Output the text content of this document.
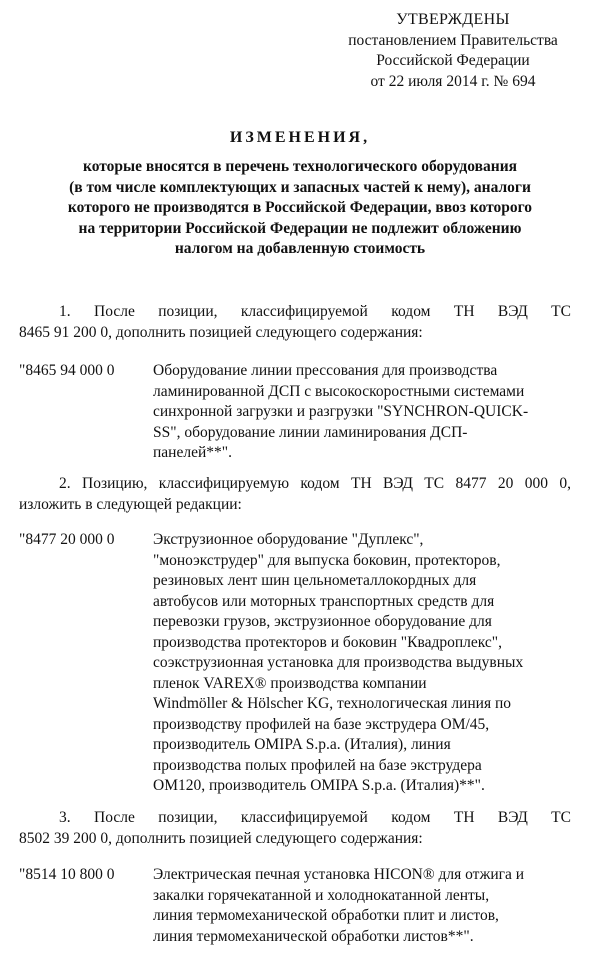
УТВЕРЖДЕНЫ
постановлением Правительства
Российской Федерации
от 22 июля 2014 г. № 694
ИЗМЕНЕНИЯ,
которые вносятся в перечень технологического оборудования
(в том числе комплектующих и запасных частей к нему), аналоги
которого не производятся в Российской Федерации, ввоз которого
на территории Российской Федерации не подлежит обложению
налогом на добавленную стоимость
1. После позиции, классифицируемой кодом ТН ВЭД ТС
8465 91 200 0, дополнить позицией следующего содержания:
"8465 94 000 0 Оборудование линии прессования для производства
ламинированной ДСП с высокоскоростными системами
синхронной загрузки и разгрузки "SYNCHRON-QUICK-
SS", оборудование линии ламинирования ДСП-
панелей**".
2. Позицию, классифицируемую кодом ТН ВЭД ТС 8477 20 000 0,
изложить в следующей редакции:
"8477 20 000 0 Экструзионное оборудование "Дуплекс",
"моноэкструдер" для выпуска боковин, протекторов,
резиновых лент шин цельнометаллокордных для
автобусов или моторных транспортных средств для
перевозки грузов, экструзионное оборудование для
производства протекторов и боковин "Квадроплекс",
соэкструзионная установка для производства выдувных
пленок VAREX® производства компании
Windmöller & Hölscher KG, технологическая линия по
производству профилей на базе экструдера OM/45,
производитель OMIPA S.p.a. (Италия), линия
производства полых профилей на базе экструдера
OM120, производитель OMIPA S.p.a. (Италия)**".
3. После позиции, классифицируемой кодом ТН ВЭД ТС
8502 39 200 0, дополнить позицией следующего содержания:
"8514 10 800 0 Электрическая печная установка HICON® для отжига и
закалки горячекатанной и холоднокатанной ленты,
линия термомеханической обработки плит и листов,
линия термомеханической обработки листов**".
